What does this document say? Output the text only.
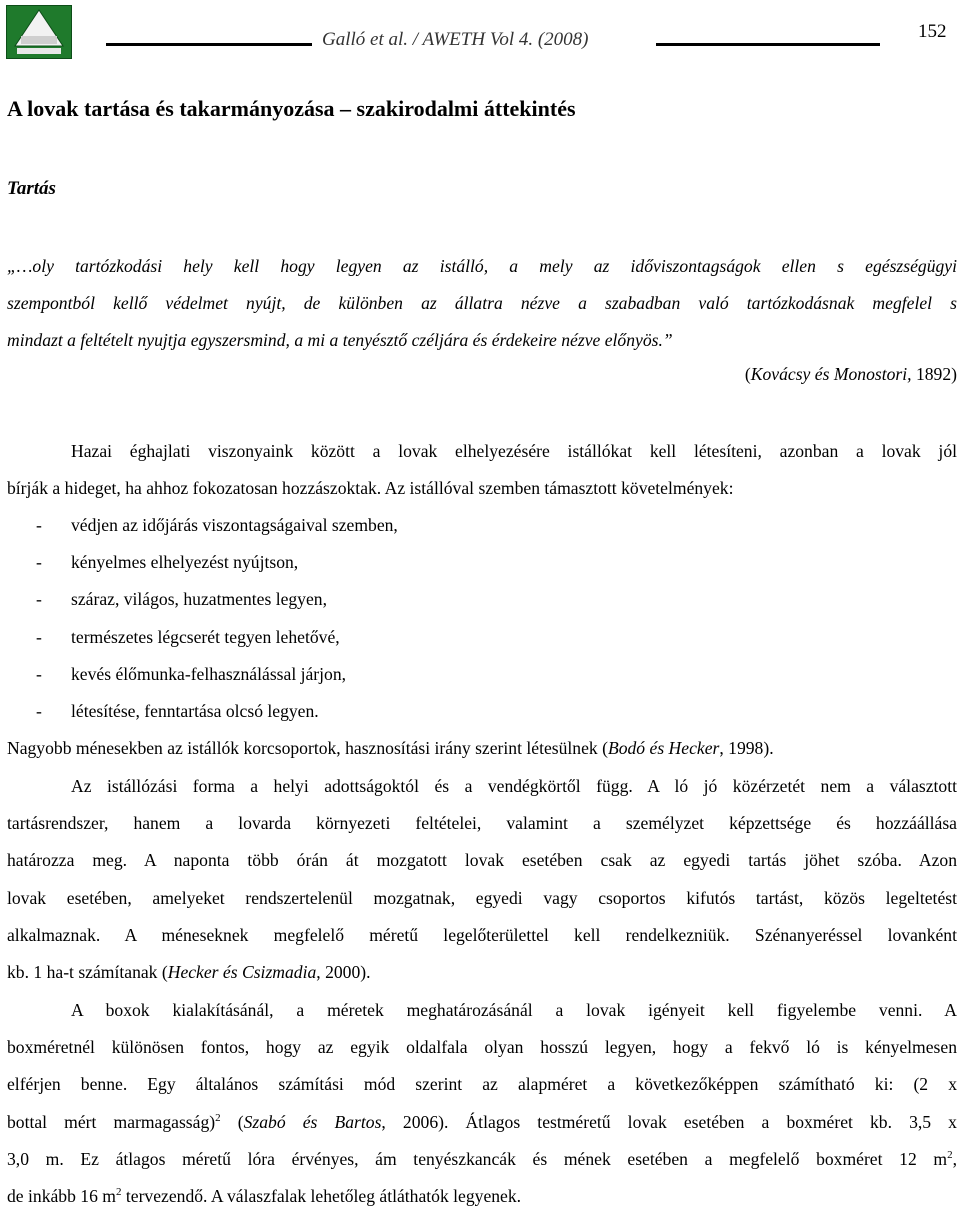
Galló et al. / AWETH Vol 4. (2008)	152
A lovak tartása és takarmányozása – szakirodalmi áttekintés
Tartás
„…oly tartózkodási hely kell hogy legyen az istálló, a mely az időviszontagságok ellen s egészségügyi
szempontból kellő védelmet nyújt, de különben az állatra nézve a szabadban való tartózkodásnak megfelel s
mindazt a feltételt nyujtja egyszersmind, a mi a tenyésztő czéljára és érdekeire nézve előnyös.”
(Kovácsy és Monostori, 1892)
Hazai éghajlati viszonyaink között a lovak elhelyezésére istállókat kell létesíteni, azonban a lovak jól
bírják a hideget, ha ahhoz fokozatosan hozzászoktak. Az istállóval szemben támasztott követelmények:
-	védjen az időjárás viszontagságaival szemben,
-	kényelmes elhelyezést nyújtson,
-	száraz, világos, huzatmentes legyen,
-	természetes légcserét tegyen lehetővé,
-	kevés élőmunka-felhasználással járjon,
-	létesítése, fenntartása olcsó legyen.
Nagyobb ménesekben az istállók korcsoportok, hasznosítási irány szerint létesülnek (Bodó és Hecker, 1998).
Az istállózási forma a helyi adottságoktól és a vendégkörtől függ. A ló jó közérzetét nem a választott
tartásrendszer, hanem a lovarda környezeti feltételei, valamint a személyzet képzettsége és hozzáállása
határozza meg. A naponta több órán át mozgatott lovak esetében csak az egyedi tartás jöhet szóba. Azon
lovak esetében, amelyeket rendszertelenül mozgatnak, egyedi vagy csoportos kifutós tartást, közös legeltetést
alkalmaznak. A méneseknek megfelelő méretű legelőterülettel kell rendelkezniük. Szénanyeréssel lovanként
kb. 1 ha-t számítanak (Hecker és Csizmadia, 2000).
A boxok kialakításánál, a méretek meghatározásánál a lovak igényeit kell figyelembe venni. A
boxméretnél különösen fontos, hogy az egyik oldalfala olyan hosszú legyen, hogy a fekvő ló is kényelmesen
elférjen benne. Egy általános számítási mód szerint az alapméret a következőképpen számítható ki: (2 x
bottal mért marmagasság)$^2$ (Szabó és Bartos, 2006). Átlagos testméretű lovak esetében a boxméret kb. 3,5 x
3,0 m. Ez átlagos méretű lóra érvényes, ám tenyészkancák és mének esetében a megfelelő boxméret 12 $m^2$,
de inkább 16 $m^2$ tervezendő. A válaszfalak lehetőleg átláthatók legyenek.
